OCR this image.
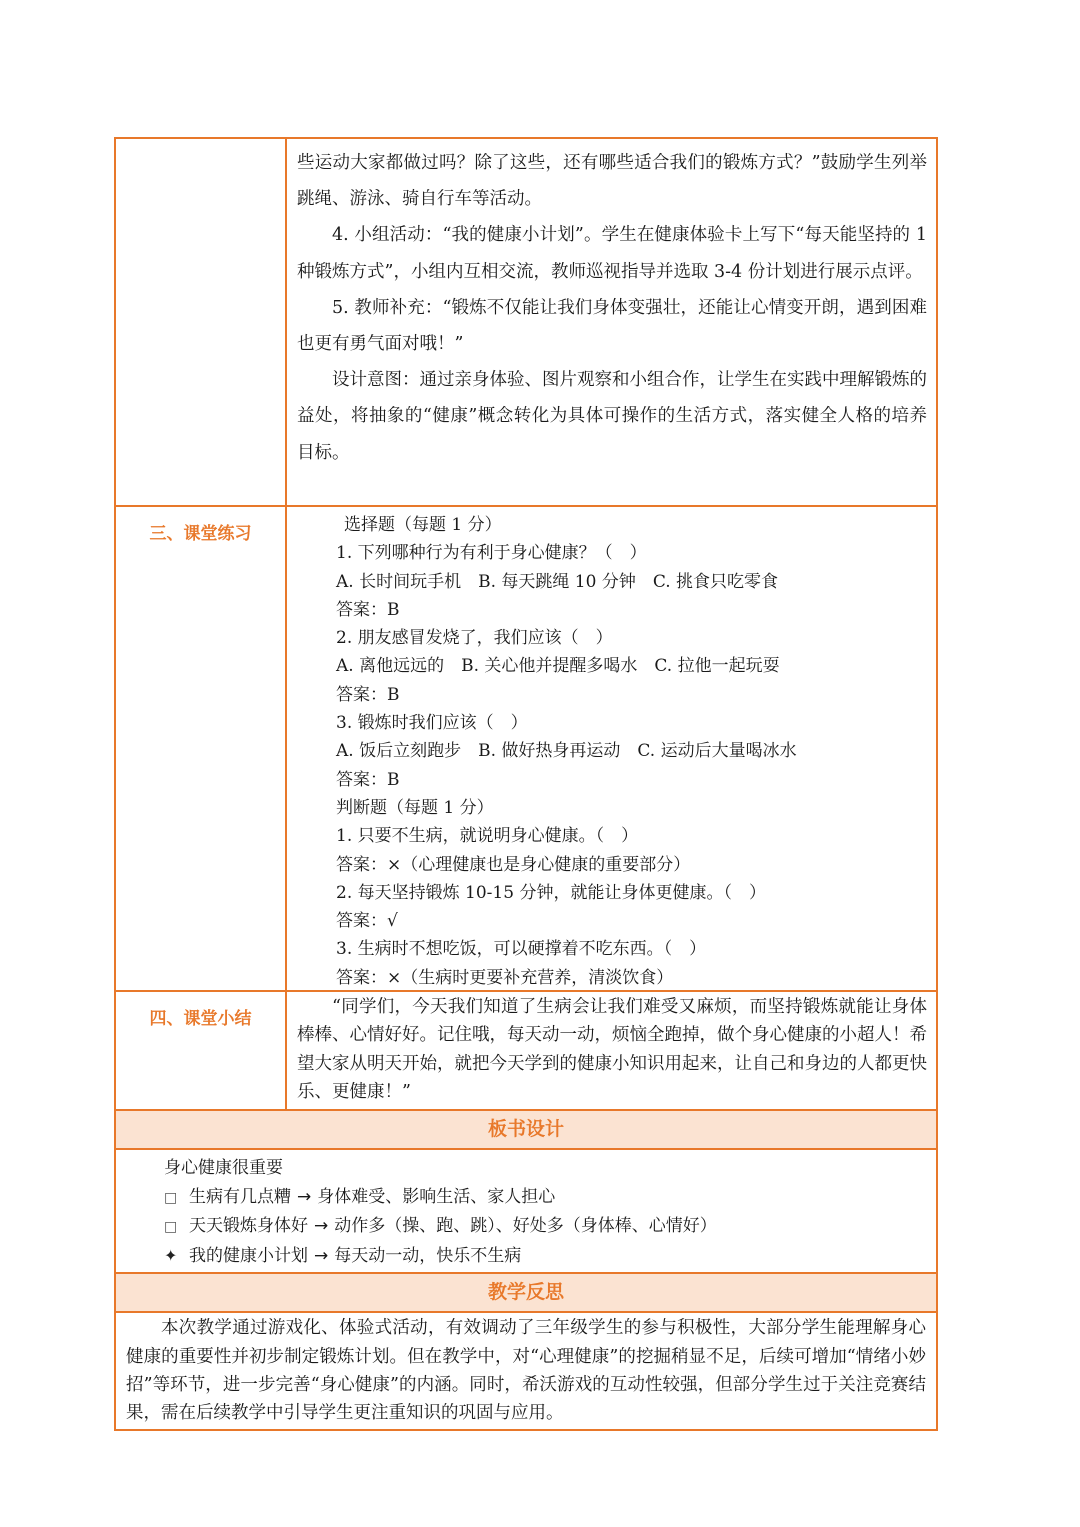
些运动大家都做过吗？除了这些，还有哪些适合我们的锻炼方式？”鼓励学生列举跳绳、游泳、骑自行车等活动。

4. 小组活动：“我的健康小计划”。学生在健康体验卡上写下“每天能坚持的 1 种锻炼方式”，小组内互相交流，教师巡视指导并选取 3-4 份计划进行展示点评。

5. 教师补充：“锻炼不仅能让我们身体变强壮，还能让心情变开朗，遇到困难也更有勇气面对哦！”

设计意图：通过亲身体验、图片观察和小组合作，让学生在实践中理解锻炼的益处，将抽象的“健康”概念转化为具体可操作的生活方式，落实健全人格的培养目标。

三、课堂练习	选择题（每题 1 分）

1. 下列哪种行为有利于身心健康？（　）

A. 长时间玩手机　B. 每天跳绳 10 分钟　C. 挑食只吃零食

答案：B

2. 朋友感冒发烧了，我们应该（　）

A. 离他远远的　B. 关心他并提醒多喝水　C. 拉他一起玩耍

答案：B

3. 锻炼时我们应该（　）

A. 饭后立刻跑步　B. 做好热身再运动　C. 运动后大量喝冰水

答案：B

判断题（每题 1 分）

1. 只要不生病，就说明身心健康。（　）

答案：×（心理健康也是身心健康的重要部分）

2. 每天坚持锻炼 10-15 分钟，就能让身体更健康。（　）

答案：√

3. 生病时不想吃饭，可以硬撑着不吃东西。（　）

答案：×（生病时更要补充营养，清淡饮食）

四、课堂小结

“同学们，今天我们知道了生病会让我们难受又麻烦，而坚持锻炼就能让身体棒棒、心情好好。记住哦，每天动一动，烦恼全跑掉，做个身心健康的小超人！希望大家从明天开始，就把今天学到的健康小知识用起来，让自己和身边的人都更快乐、更健康！”

板书设计

身心健康很重要

□ 生病有几点糟 → 身体难受、影响生活、家人担心

□ 天天锻炼身体好 → 动作多（操、跑、跳）、好处多（身体棒、心情好）

✦ 我的健康小计划 → 每天动一动，快乐不生病

教学反思

本次教学通过游戏化、体验式活动，有效调动了三年级学生的参与积极性，大部分学生能理解身心健康的重要性并初步制定锻炼计划。但在教学中，对“心理健康”的挖掘稍显不足，后续可增加“情绪小妙招”等环节，进一步完善“身心健康”的内涵。同时，希沃游戏的互动性较强，但部分学生过于关注竞赛结果，需在后续教学中引导学生更注重知识的巩固与应用。
